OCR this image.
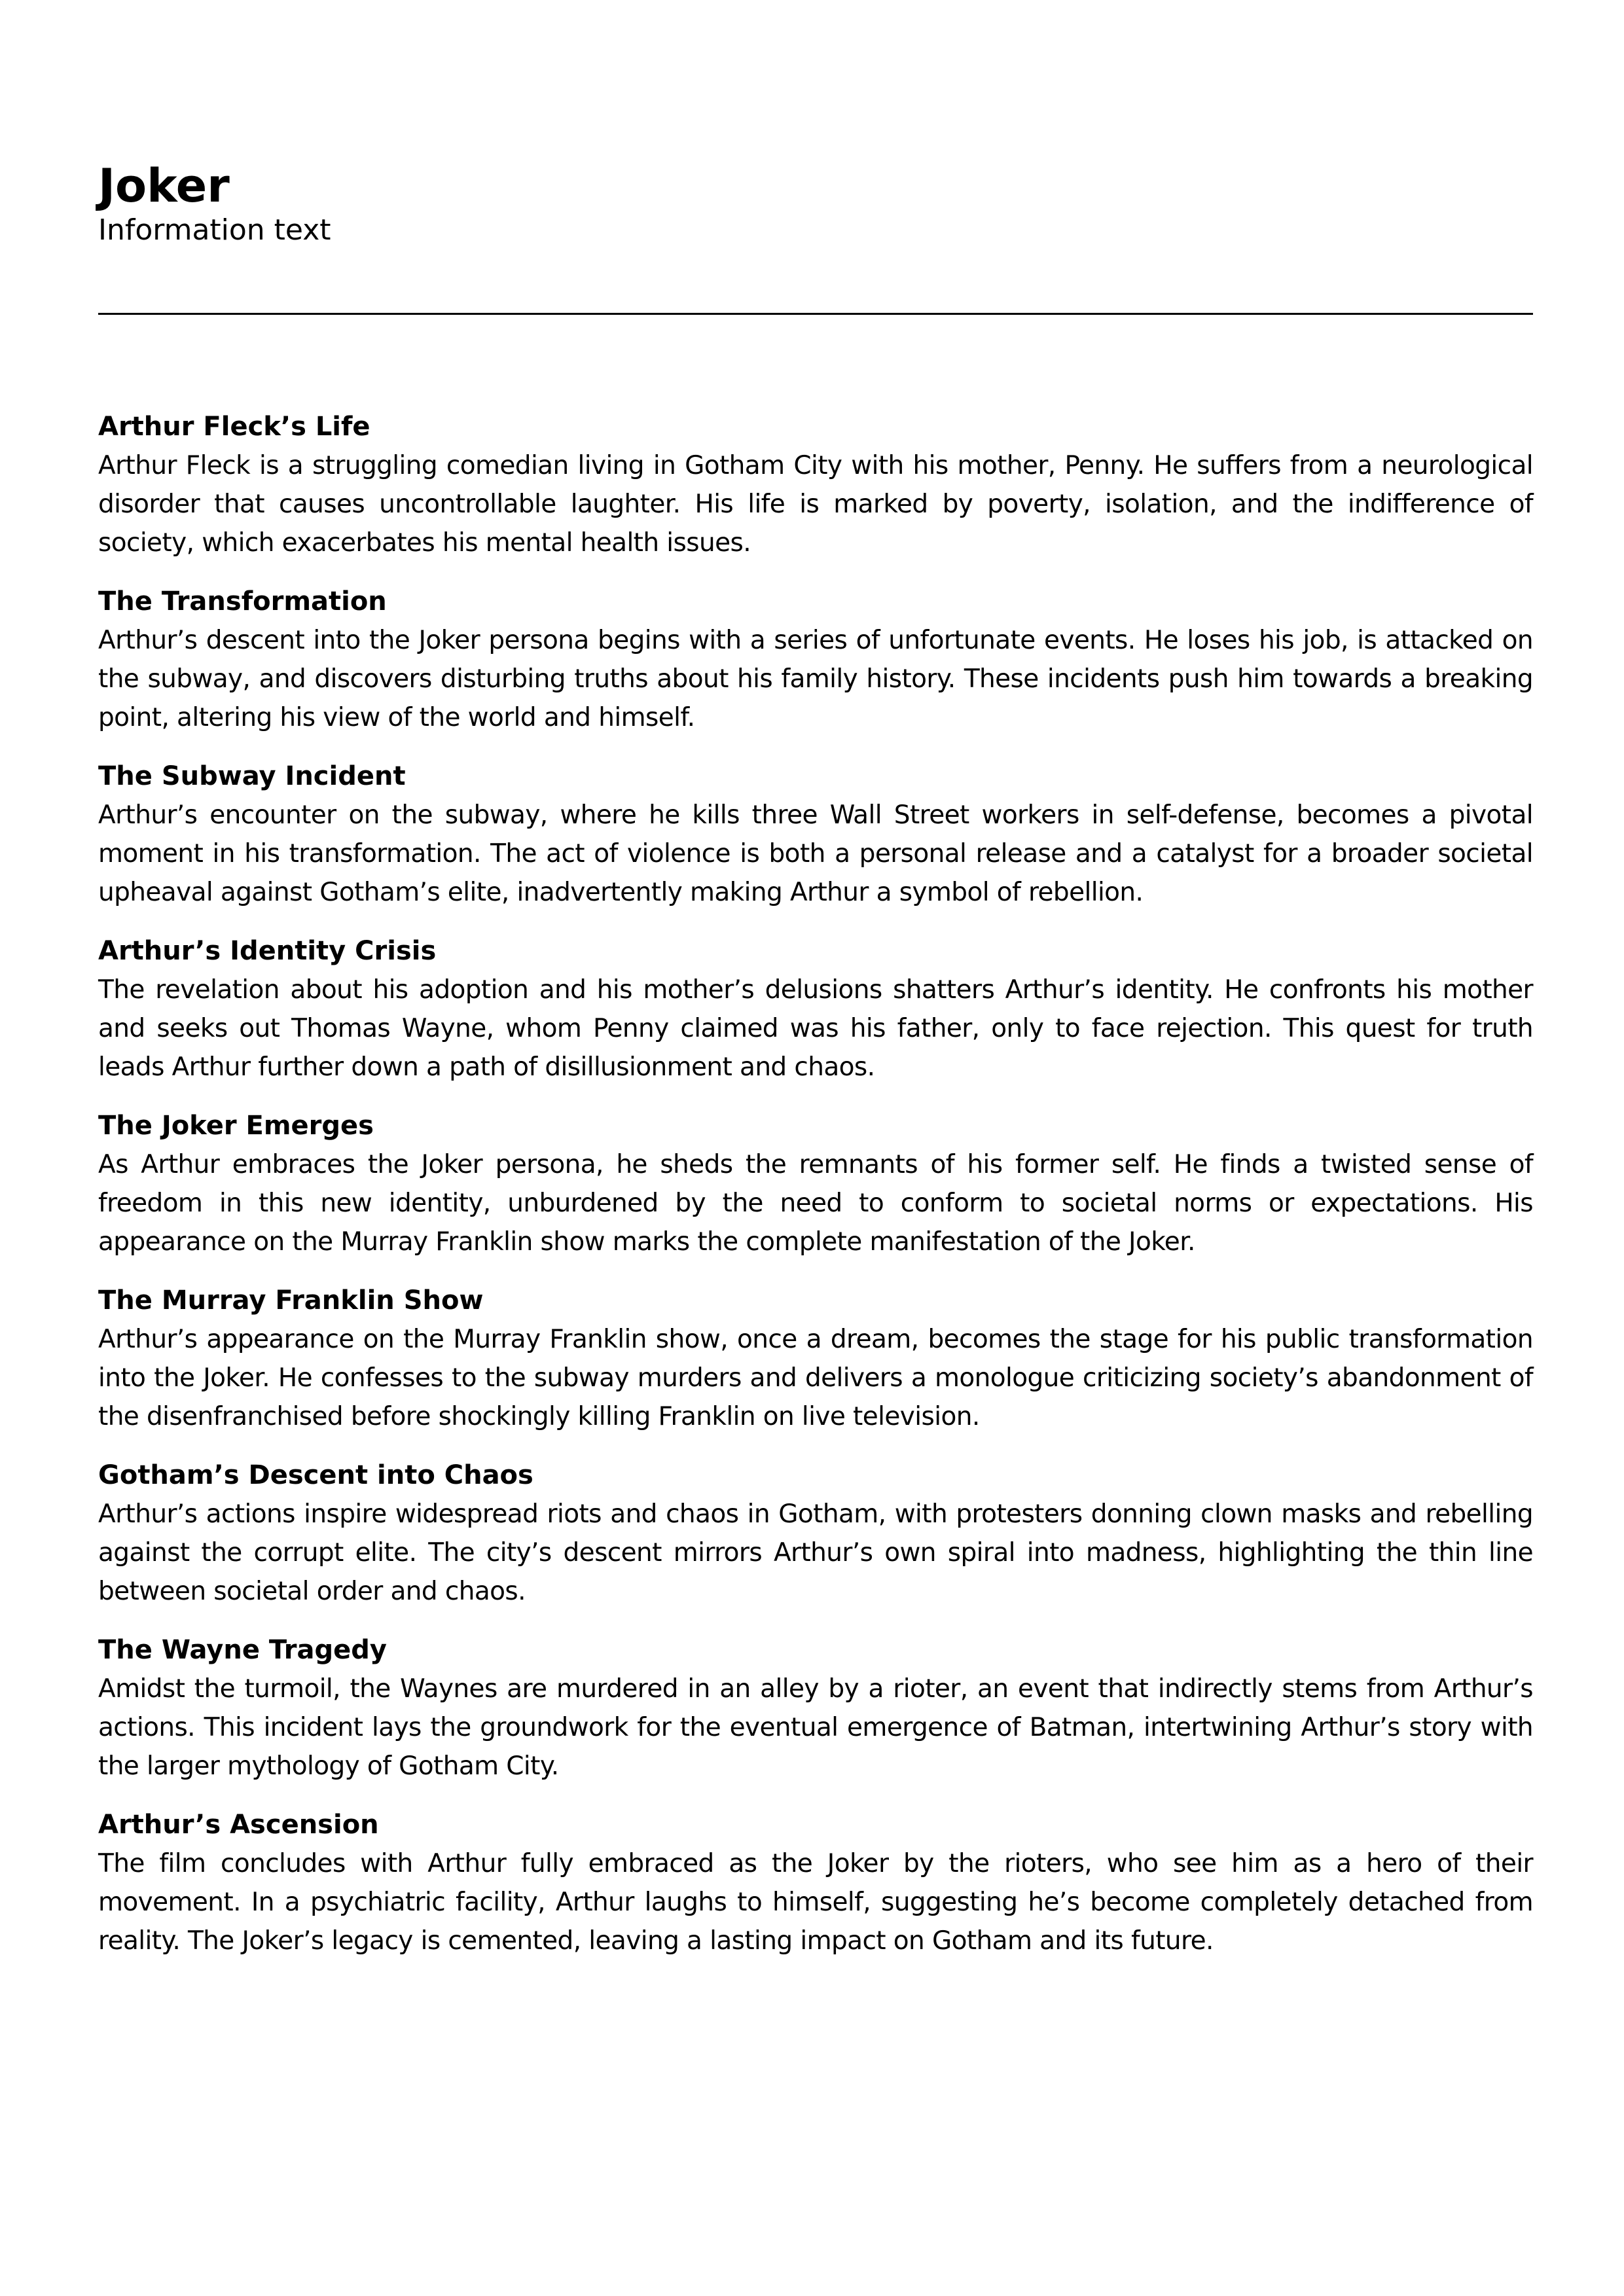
Joker

Information text

Arthur Fleck’s Life

Arthur Fleck is a struggling comedian living in Gotham City with his mother, Penny. He suffers from a neurological disorder that causes uncontrollable laughter. His life is marked by poverty, isolation, and the indifference of society, which exacerbates his mental health issues.

The Transformation

Arthur’s descent into the Joker persona begins with a series of unfortunate events. He loses his job, is attacked on the subway, and discovers disturbing truths about his family history. These incidents push him towards a breaking point, altering his view of the world and himself.

The Subway Incident

Arthur’s encounter on the subway, where he kills three Wall Street workers in self-defense, becomes a pivotal moment in his transformation. The act of violence is both a personal release and a catalyst for a broader societal upheaval against Gotham’s elite, inadvertently making Arthur a symbol of rebellion.

Arthur’s Identity Crisis

The revelation about his adoption and his mother’s delusions shatters Arthur’s identity. He confronts his mother and seeks out Thomas Wayne, whom Penny claimed was his father, only to face rejection. This quest for truth leads Arthur further down a path of disillusionment and chaos.

The Joker Emerges

As Arthur embraces the Joker persona, he sheds the remnants of his former self. He finds a twisted sense of freedom in this new identity, unburdened by the need to conform to societal norms or expectations. His appearance on the Murray Franklin show marks the complete manifestation of the Joker.

The Murray Franklin Show

Arthur’s appearance on the Murray Franklin show, once a dream, becomes the stage for his public transformation into the Joker. He confesses to the subway murders and delivers a monologue criticizing society’s abandonment of the disenfranchised before shockingly killing Franklin on live television.

Gotham’s Descent into Chaos

Arthur’s actions inspire widespread riots and chaos in Gotham, with protesters donning clown masks and rebelling against the corrupt elite. The city’s descent mirrors Arthur’s own spiral into madness, highlighting the thin line between societal order and chaos.

The Wayne Tragedy

Amidst the turmoil, the Waynes are murdered in an alley by a rioter, an event that indirectly stems from Arthur’s actions. This incident lays the groundwork for the eventual emergence of Batman, intertwining Arthur’s story with the larger mythology of Gotham City.

Arthur’s Ascension

The film concludes with Arthur fully embraced as the Joker by the rioters, who see him as a hero of their movement. In a psychiatric facility, Arthur laughs to himself, suggesting he’s become completely detached from reality. The Joker’s legacy is cemented, leaving a lasting impact on Gotham and its future.
